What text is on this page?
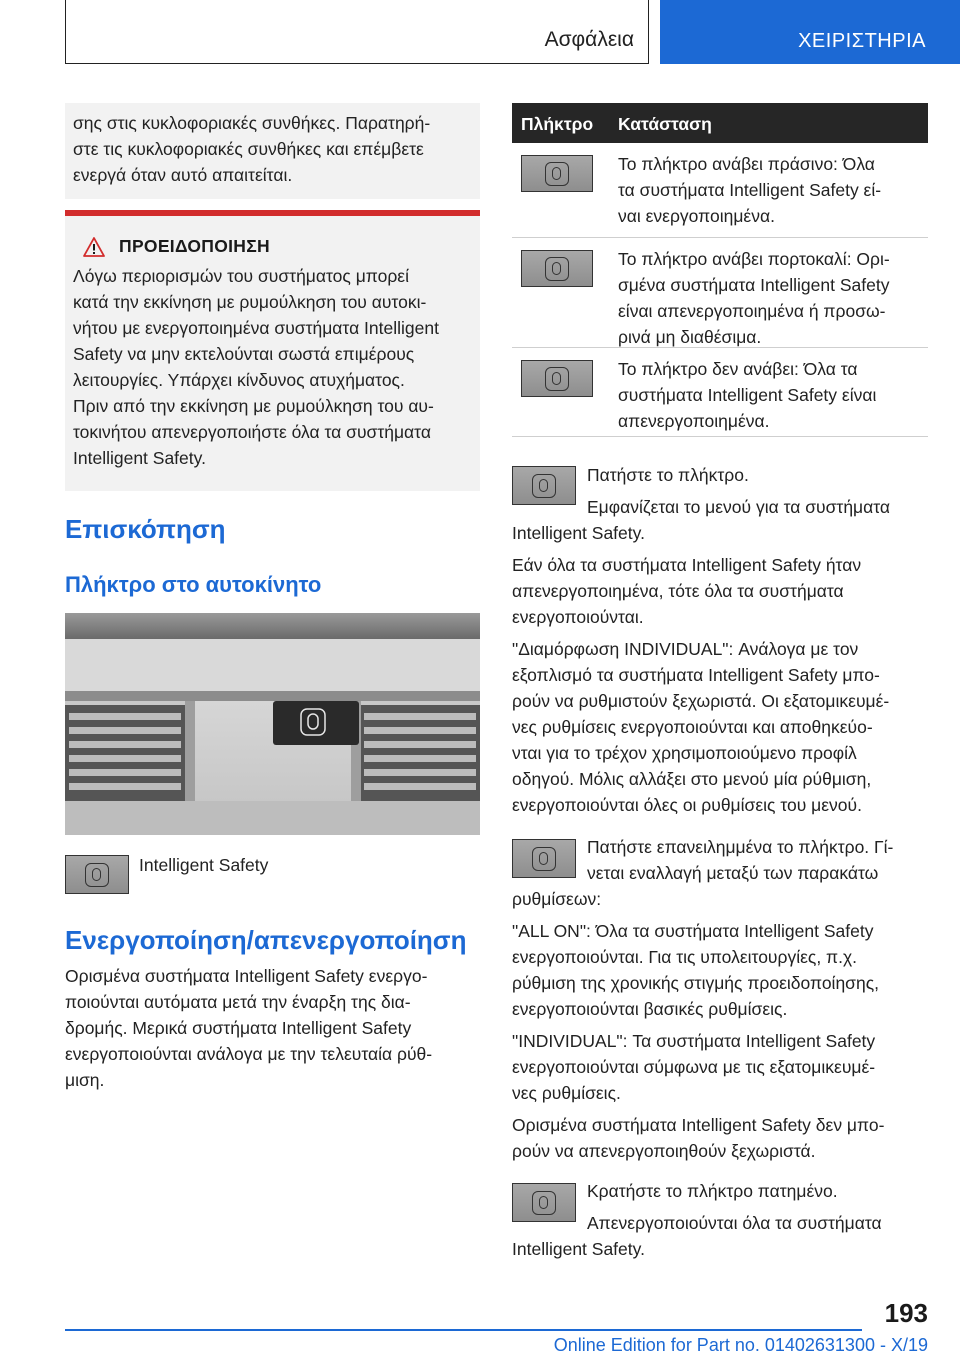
Ασφάλεια	ΧΕΙΡΙΣΤΗΡΙΑ
σης στις κυκλοφοριακές συνθήκες. Παρατηρή-
στε τις κυκλοφοριακές συνθήκες και επέμβετε
ενεργά όταν αυτό απαιτείται.
ΠΡΟΕΙΔΟΠΟΙΗΣΗ
Λόγω περιορισμών του συστήματος μπορεί
κατά την εκκίνηση με ρυμούλκηση του αυτοκι-
νήτου με ενεργοποιημένα συστήματα Intelligent
Safety να μην εκτελούνται σωστά επιμέρους
λειτουργίες. Υπάρχει κίνδυνος ατυχήματος.
Πριν από την εκκίνηση με ρυμούλκηση του αυ-
τοκινήτου απενεργοποιήστε όλα τα συστήματα
Intelligent Safety.
Επισκόπηση
Πλήκτρο στο αυτοκίνητο
Intelligent Safety
Ενεργοποίηση/απενεργοποίηση
Ορισμένα συστήματα Intelligent Safety ενεργο-
ποιούνται αυτόματα μετά την έναρξη της δια-
δρομής. Μερικά συστήματα Intelligent Safety
ενεργοποιούνται ανάλογα με την τελευταία ρύθ-
μιση.
Πλήκτρο Κατάσταση
Το πλήκτρο ανάβει πράσινο: Όλα
τα συστήματα Intelligent Safety εί-
ναι ενεργοποιημένα.
Το πλήκτρο ανάβει πορτοκαλί: Ορι-
σμένα συστήματα Intelligent Safety
είναι απενεργοποιημένα ή προσω-
ρινά μη διαθέσιμα.
Το πλήκτρο δεν ανάβει: Όλα τα
συστήματα Intelligent Safety είναι
απενεργοποιημένα.
Πατήστε το πλήκτρο.
Εμφανίζεται το μενού για τα συστήματα
Intelligent Safety.
Εάν όλα τα συστήματα Intelligent Safety ήταν
απενεργοποιημένα, τότε όλα τα συστήματα
ενεργοποιούνται.
"Διαμόρφωση INDIVIDUAL": Ανάλογα με τον
εξοπλισμό τα συστήματα Intelligent Safety μπο-
ρούν να ρυθμιστούν ξεχωριστά. Οι εξατομικευμέ-
νες ρυθμίσεις ενεργοποιούνται και αποθηκεύο-
νται για το τρέχον χρησιμοποιούμενο προφίλ
οδηγού. Μόλις αλλάξει στο μενού μία ρύθμιση,
ενεργοποιούνται όλες οι ρυθμίσεις του μενού.
Πατήστε επανειλημμένα το πλήκτρο. Γί-
νεται εναλλαγή μεταξύ των παρακάτω
ρυθμίσεων:
"ALL ON": Όλα τα συστήματα Intelligent Safety
ενεργοποιούνται. Για τις υπολειτουργίες, π.χ.
ρύθμιση της χρονικής στιγμής προειδοποίησης,
ενεργοποιούνται βασικές ρυθμίσεις.
"INDIVIDUAL": Τα συστήματα Intelligent Safety
ενεργοποιούνται σύμφωνα με τις εξατομικευμέ-
νες ρυθμίσεις.
Ορισμένα συστήματα Intelligent Safety δεν μπο-
ρούν να απενεργοποιηθούν ξεχωριστά.
Κρατήστε το πλήκτρο πατημένο.
Απενεργοποιούνται όλα τα συστήματα
Intelligent Safety.
193
Online Edition for Part no. 01402631300 - X/19
